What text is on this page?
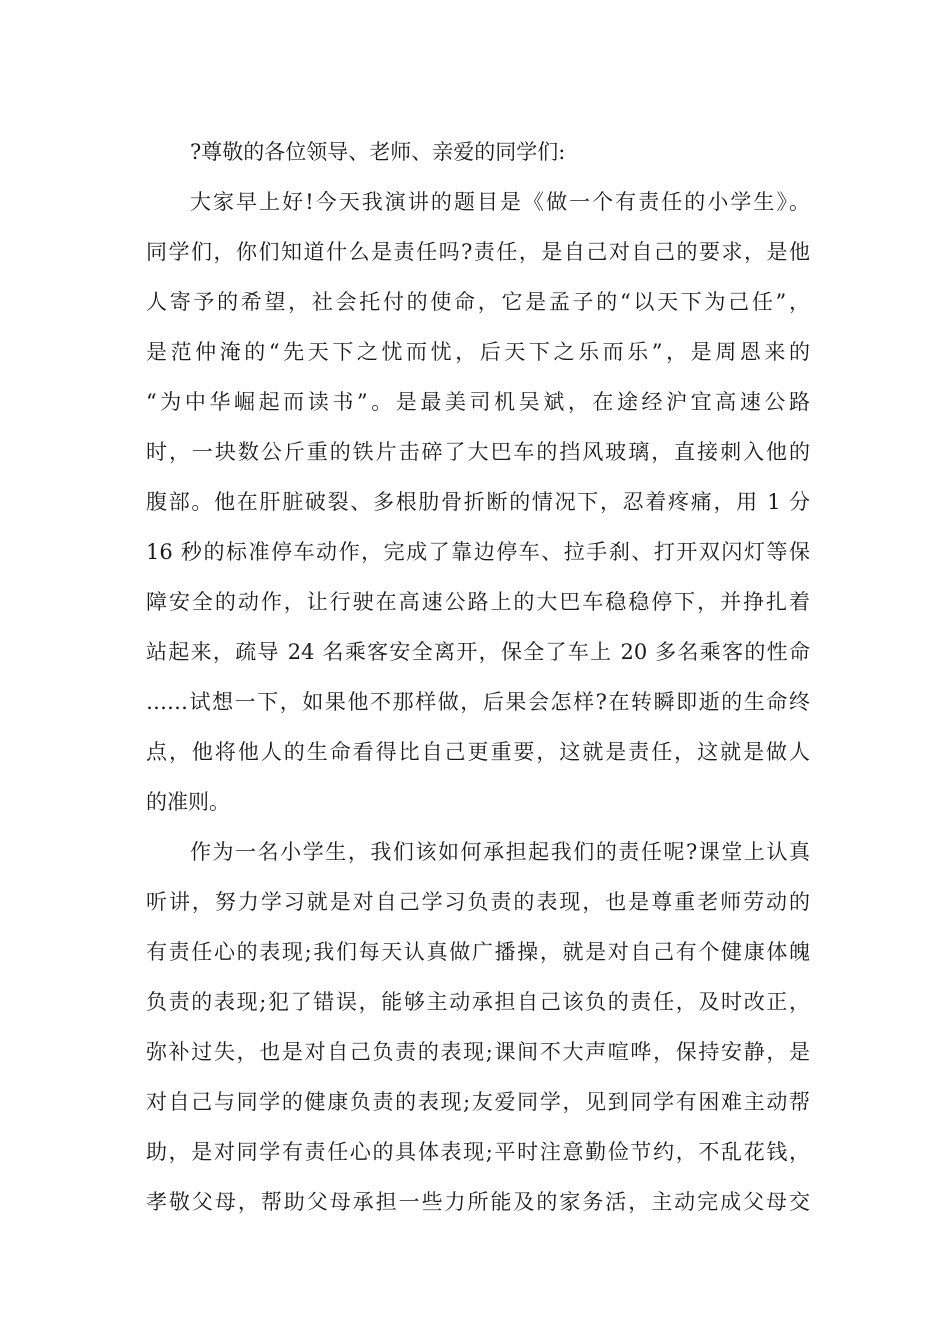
?尊敬的各位领导、老师、亲爱的同学们:

大家早上好!今天我演讲的题目是《做一个有责任的小学生》。

同学们，你们知道什么是责任吗?责任，是自己对自己的要求，是他

人寄予的希望，社会托付的使命，它是孟子的“以天下为己任”，

是范仲淹的“先天下之忧而忧，后天下之乐而乐”，是周恩来的

“为中华崛起而读书”。是最美司机吴斌，在途经沪宜高速公路

时，一块数公斤重的铁片击碎了大巴车的挡风玻璃，直接刺入他的

腹部。他在肝脏破裂、多根肋骨折断的情况下，忍着疼痛，用 1 分

16 秒的标准停车动作，完成了靠边停车、拉手刹、打开双闪灯等保

障安全的动作，让行驶在高速公路上的大巴车稳稳停下，并挣扎着

站起来，疏导 24 名乘客安全离开，保全了车上 20 多名乘客的性命

……试想一下，如果他不那样做，后果会怎样?在转瞬即逝的生命终

点，他将他人的生命看得比自己更重要，这就是责任，这就是做人

的准则。

作为一名小学生，我们该如何承担起我们的责任呢?课堂上认真

听讲，努力学习就是对自己学习负责的表现，也是尊重老师劳动的

有责任心的表现;我们每天认真做广播操，就是对自己有个健康体魄

负责的表现;犯了错误，能够主动承担自己该负的责任，及时改正，

弥补过失，也是对自己负责的表现;课间不大声喧哗，保持安静，是

对自己与同学的健康负责的表现;友爱同学，见到同学有困难主动帮

助，是对同学有责任心的具体表现;平时注意勤俭节约，不乱花钱，

孝敬父母，帮助父母承担一些力所能及的家务活，主动完成父母交
